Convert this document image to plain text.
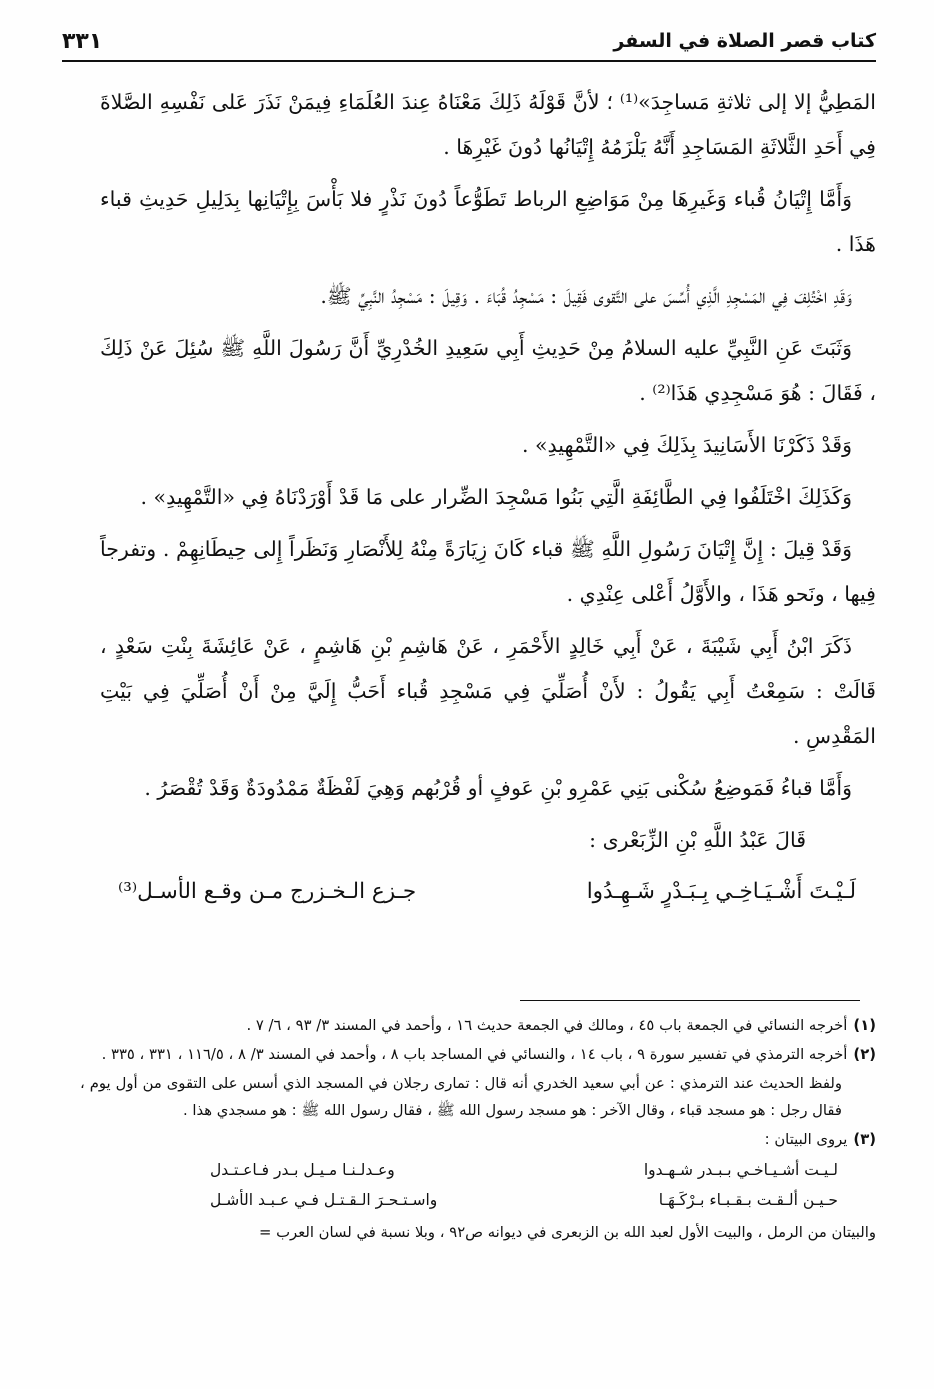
كتاب قصر الصلاة في السفر
٣٣١

المَطِيُّ إلا إلى ثلاثةِ مَساجِدَ»⁽¹⁾ ؛ لأنَّ قَوْلَهُ ذَلِكَ مَعْنَاهُ عِندَ العُلَمَاءِ فِيمَنْ نَذَرَ عَلى نَفْسِهِ الصَّلاةَ فِي أَحَدِ الثَّلاثَةِ المَسَاجِدِ أَنَّهُ يَلْزَمُهُ إِتْيَانُها دُونَ غَيْرِهَا .

وَأَمَّا إِتْيَانُ قُباء وَغَيرِهَا مِنْ مَوَاضِعِ الرباط تَطَوُّعاً دُونَ نَذْرٍ فلا بَأْسَ بِإِتْيَانِها بِدَلِيلِ حَدِيثِ قباء هَذَا .

وَقَدِ اخْتُلِفَ فِي المَسْجِدِ الَّذِي أُسِّسَ على التَّقوى فَقِيلَ : مَسْجِدُ قُبَاءَ . وَقِيلَ : مَسْجِدُ النَّبِيِّ ﷺ.

وَثَبَتَ عَنِ النَّبِيِّ عليه السلامُ مِنْ حَدِيثِ أَبِي سَعِيدِ الخُدْرِيِّ أَنَّ رَسُولَ اللَّهِ ﷺ سُئِلَ عَنْ ذَلِكَ ، فَقَالَ : هُوَ مَسْجِدِي هَذَا⁽²⁾ .

وَقَدْ ذَكَرْنَا الأَسَانِيدَ بِذَلِكَ فِي «التَّمْهِيدِ» .

وَكَذَلِكَ اخْتَلَفُوا فِي الطَّائِفَةِ الَّتِي بَنُوا مَسْجِدَ الضِّرار على مَا قَدْ أَوْرَدْنَاهُ فِي «التَّمْهِيدِ» .

وَقَدْ قِيلَ : إِنَّ إِتْيَانَ رَسُولِ اللَّهِ ﷺ قباء كَانَ زِيَارَةً مِنْهُ لِلأَنْصَارِ وَنَظَراً إِلى حِيطَانِهِمْ . وتفرجاً فِيها ، ونَحو هَذَا ، والأَوَّلُ أَعْلى عِنْدِي .

ذَكَرَ ابْنُ أَبِي شَيْبَةَ ، عَنْ أَبِي خَالِدٍ الأَحْمَرِ ، عَنْ هَاشِمِ بْنِ هَاشِمٍ ، عَنْ عَائِشَةَ بِنْتِ سَعْدٍ ، قَالَتْ : سَمِعْتُ أَبِي يَقُولُ : لأَنْ أُصَلِّيَ فِي مَسْجِدِ قُباء أَحَبُّ إِلَيَّ مِنْ أَنْ أُصَلِّيَ فِي بَيْتِ المَقْدِسِ .

وَأَمَّا قباءُ فَمَوضِعُ سُكْنى بَنِي عَمْرِو بْنِ عَوفٍ أو قُرْبُهم وَهِيَ لَفْظَةٌ مَمْدُودَةٌ وَقَدْ تُقْصَرُ .

قَالَ عَبْدُ اللَّهِ بْنِ الزِّبَعْرى :

لَـيْـتَ أَشْـيَـاخِـي بِـبَـدْرٍ شَـهِـدُوا
جـزع الـخـزرج مـن وقـع الأسـل⁽³⁾

(١)أخرجه النسائي في الجمعة باب ٤٥ ، ومالك في الجمعة حديث ١٦ ، وأحمد في المسند ٣/ ٩٣ ، ٦/ ٧ .

(٢)أخرجه الترمذي في تفسير سورة ٩ ، باب ١٤ ، والنسائي في المساجد باب ٨ ، وأحمد في المسند ٣/ ٨ ، ١١٦/٥ ، ٣٣١ ، ٣٣٥ .

ولفظ الحديث عند الترمذي : عن أبي سعيد الخدري أنه قال : تمارى رجلان في المسجد الذي أسس على التقوى من أول يوم ، فقال رجل : هو مسجد قباء ، وقال الآخر : هو مسجد رسول الله ﷺ ، فقال رسول الله ﷺ : هو مسجدي هذا .

(٣)يروى البيتان :

لـيـت أشـيـاخـي بـبـدر شـهـدوا
وعـدلـنـا مـيـل بـدر فـاعـتـدل
حـيـن ألـقـت بـقـبـاء بـرْكَـهَـا
واسـتـحـرَ الـقـتـل فـي عـبـد الأشـل

والبيتان من الرمل ، والبيت الأول لعبد الله بن الزبعرى في ديوانه ص٩٢ ، وبلا نسبة في لسان العرب =
